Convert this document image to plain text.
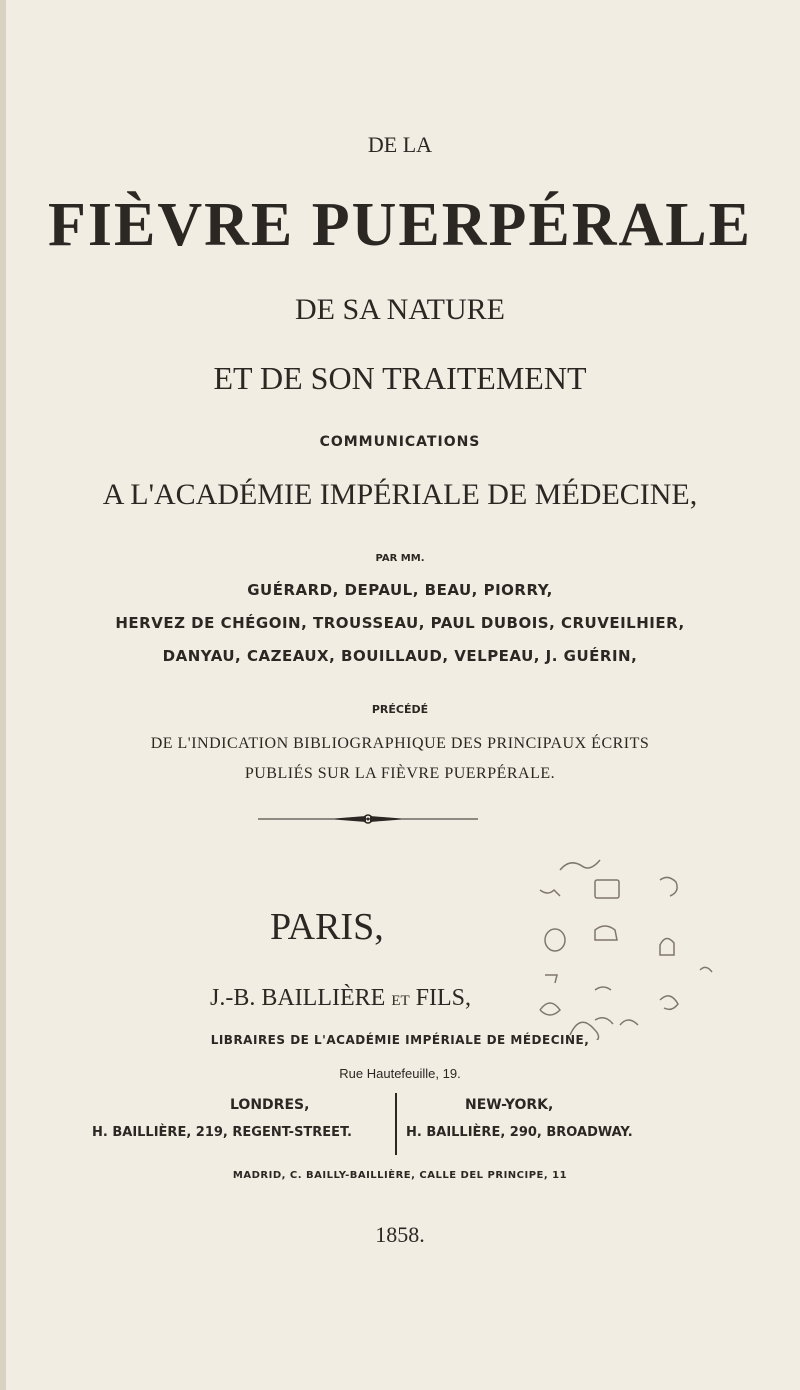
DE LA
FIÈVRE PUERPÉRALE
DE SA NATURE
ET DE SON TRAITEMENT
COMMUNICATIONS
A L'ACADÉMIE IMPÉRIALE DE MÉDECINE,
PAR MM.
GUÉRARD, DEPAUL, BEAU, PIORRY,
HERVEZ DE CHÉGOIN, TROUSSEAU, PAUL DUBOIS, CRUVEILHIER,
DANYAU, CAZEAUX, BOUILLAUD, VELPEAU, J. GUÉRIN,
PRÉCÉDÉ
DE L'INDICATION BIBLIOGRAPHIQUE DES PRINCIPAUX ÉCRITS
PUBLIÉS SUR LA FIÈVRE PUERPÉRALE.
PARIS,
J.-B. BAILLIÈRE ET FILS,
LIBRAIRES DE L'ACADÉMIE IMPÉRIALE DE MÉDECINE,
Rue Hautefeuille, 19.
LONDRES,
H. BAILLIÈRE, 219, REGENT-STREET.
NEW-YORK,
H. BAILLIÈRE, 290, BROADWAY.
MADRID, C. BAILLY-BAILLIÈRE, CALLE DEL PRINCIPE, 11
1858.
